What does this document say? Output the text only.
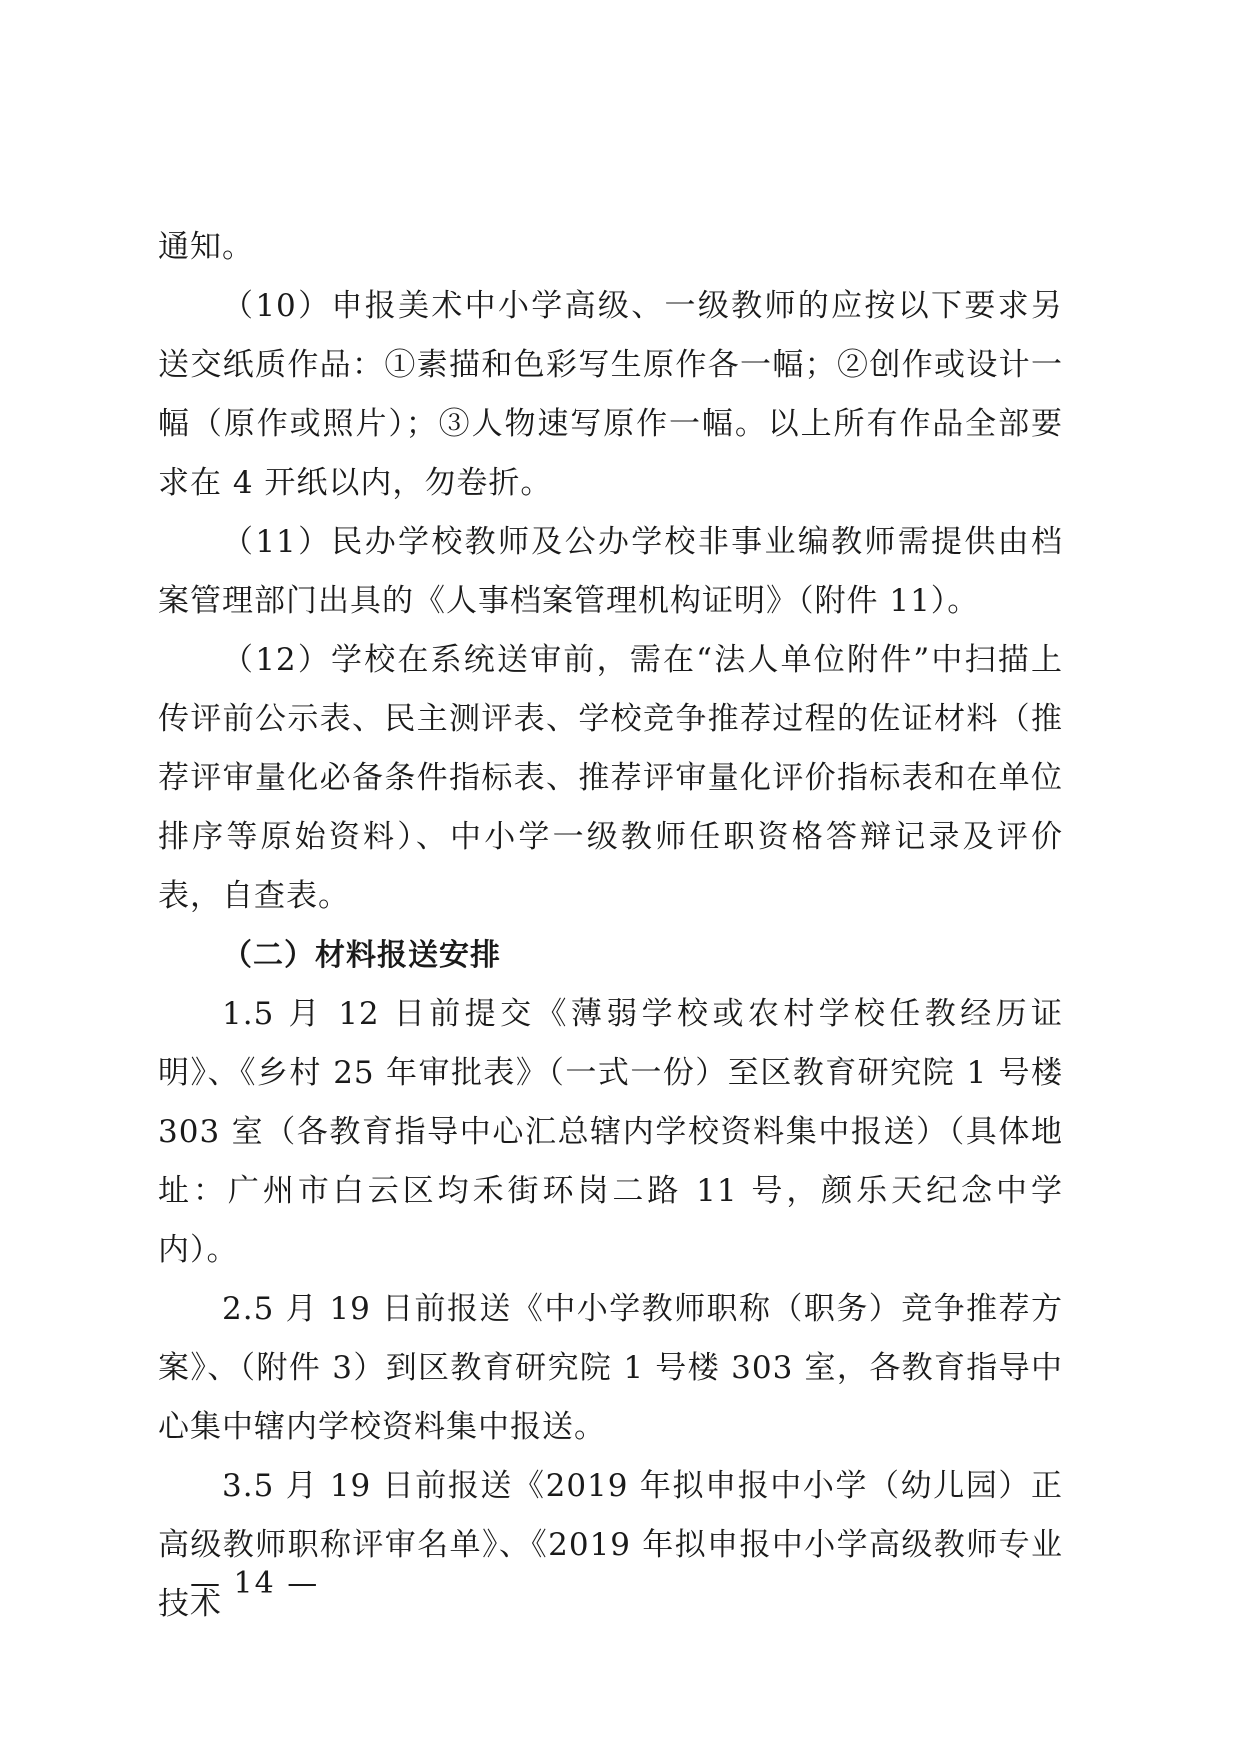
通知。

（10）申报美术中小学高级、一级教师的应按以下要求另送交纸质作品：①素描和色彩写生原作各一幅；②创作或设计一幅（原作或照片）；③人物速写原作一幅。以上所有作品全部要求在 4 开纸以内，勿卷折。

（11）民办学校教师及公办学校非事业编教师需提供由档案管理部门出具的《人事档案管理机构证明》（附件 11）。

（12）学校在系统送审前，需在“法人单位附件”中扫描上传评前公示表、民主测评表、学校竞争推荐过程的佐证材料（推荐评审量化必备条件指标表、推荐评审量化评价指标表和在单位排序等原始资料）、中小学一级教师任职资格答辩记录及评价表，自查表。

（二）材料报送安排

1.5 月 12 日前提交《薄弱学校或农村学校任教经历证明》、《乡村 25 年审批表》（一式一份）至区教育研究院 1 号楼 303 室（各教育指导中心汇总辖内学校资料集中报送）（具体地址：广州市白云区均禾街环岗二路 11 号，颜乐天纪念中学内）。

2.5 月 19 日前报送《中小学教师职称（职务）竞争推荐方案》、（附件 3）到区教育研究院 1 号楼 303 室，各教育指导中心集中辖内学校资料集中报送。

3.5 月 19 日前报送《2019 年拟申报中小学（幼儿园）正高级教师职称评审名单》、《2019 年拟申报中小学高级教师专业技术

— 14 —
